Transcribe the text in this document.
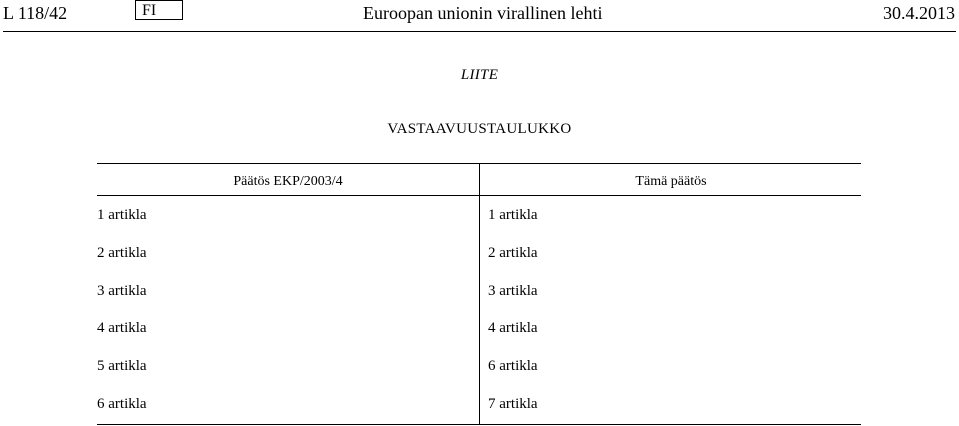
L 118/42	FI	Euroopan unionin virallinen lehti	30.4.2013
LIITE
VASTAAVUUSTAULUKKO
Päätös EKP/2003/4	Tämä päätös
1 artikla	1 artikla
2 artikla	2 artikla
3 artikla	3 artikla
4 artikla	4 artikla
5 artikla	6 artikla
6 artikla	7 artikla
